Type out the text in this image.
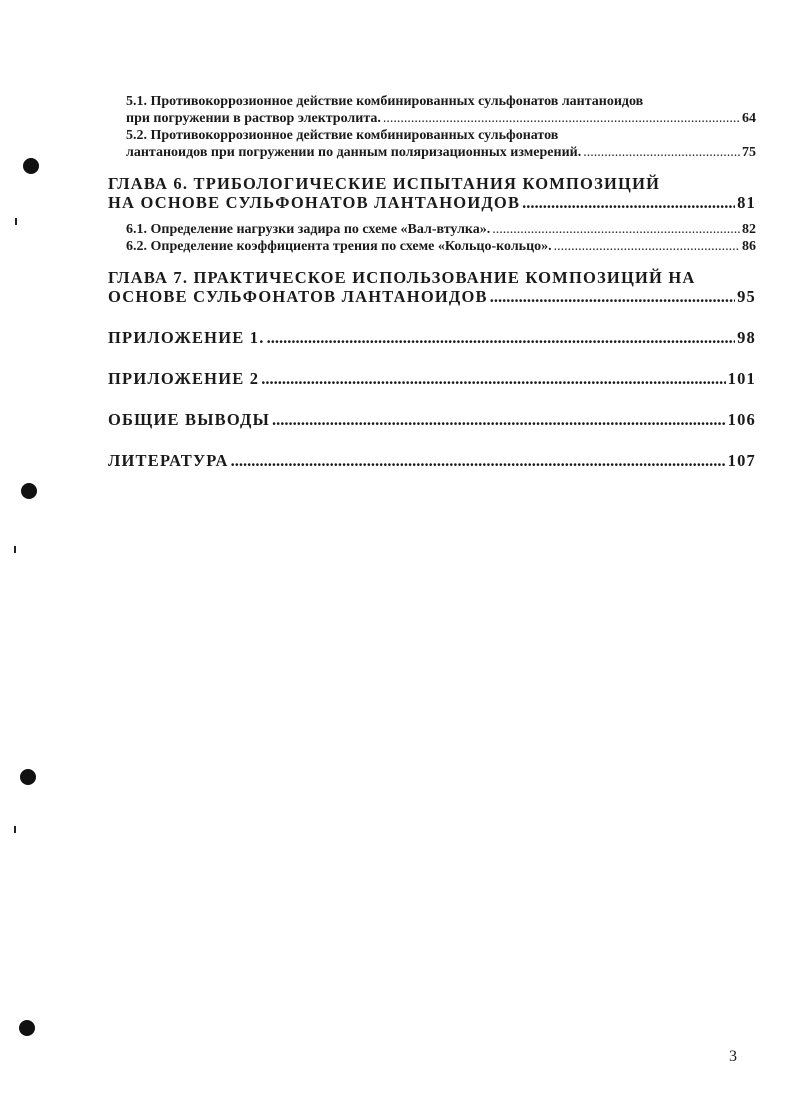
5.1. Противокоррозионное действие комбинированных сульфонатов лантаноидов
при погружении в раствор электролита. .....	64
5.2. Противокоррозионное действие комбинированных сульфонатов
лантаноидов при погружении по данным поляризационных измерений. .....	75
ГЛАВА 6. ТРИБОЛОГИЧЕСКИЕ ИСПЫТАНИЯ КОМПОЗИЦИЙ
НА ОСНОВЕ СУЛЬФОНАТОВ ЛАНТАНОИДОВ .....	81
6.1. Определение нагрузки задира по схеме «Вал-втулка». .....	82
6.2. Определение коэффициента трения по схеме «Кольцо-кольцо». .....	86
ГЛАВА 7. ПРАКТИЧЕСКОЕ ИСПОЛЬЗОВАНИЕ КОМПОЗИЦИЙ НА
ОСНОВЕ СУЛЬФОНАТОВ ЛАНТАНОИДОВ .....	95
ПРИЛОЖЕНИЕ 1. .....	98
ПРИЛОЖЕНИЕ 2 .....	101
ОБЩИЕ ВЫВОДЫ .....	106
ЛИТЕРАТУРА .....	107
3
